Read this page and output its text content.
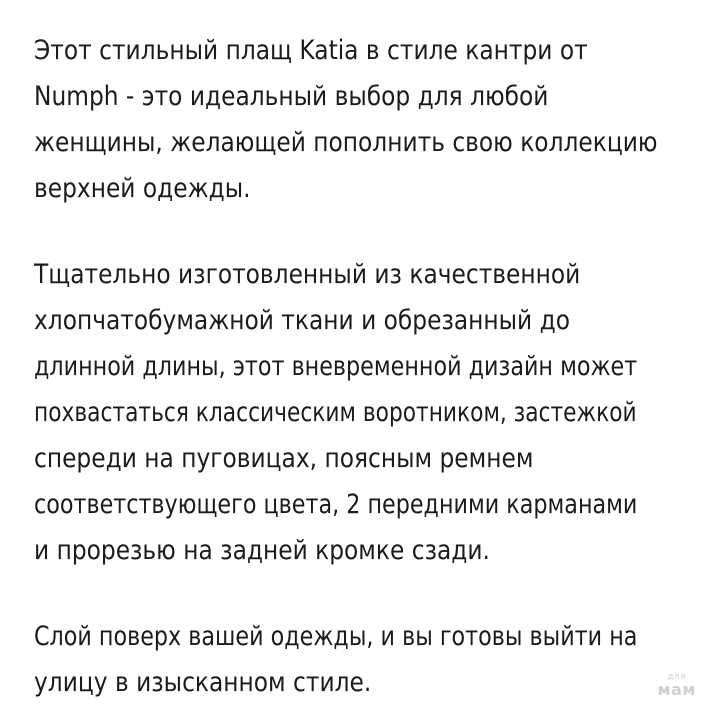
Этот стильный плащ Katia в стиле кантри от
Numph - это идеальный выбор для любой
женщины, желающей пополнить свою коллекцию
верхней одежды.
Тщательно изготовленный из качественной
хлопчатобумажной ткани и обрезанный до
длинной длины, этот вневременной дизайн может
похвастаться классическим воротником, застежкой
спереди на пуговицах, поясным ремнем
соответствующего цвета, 2 передними карманами
и прорезью на задней кромке сзади.
Слой поверх вашей одежды, и вы готовы выйти на
улицу в изысканном стиле.	для
мам
